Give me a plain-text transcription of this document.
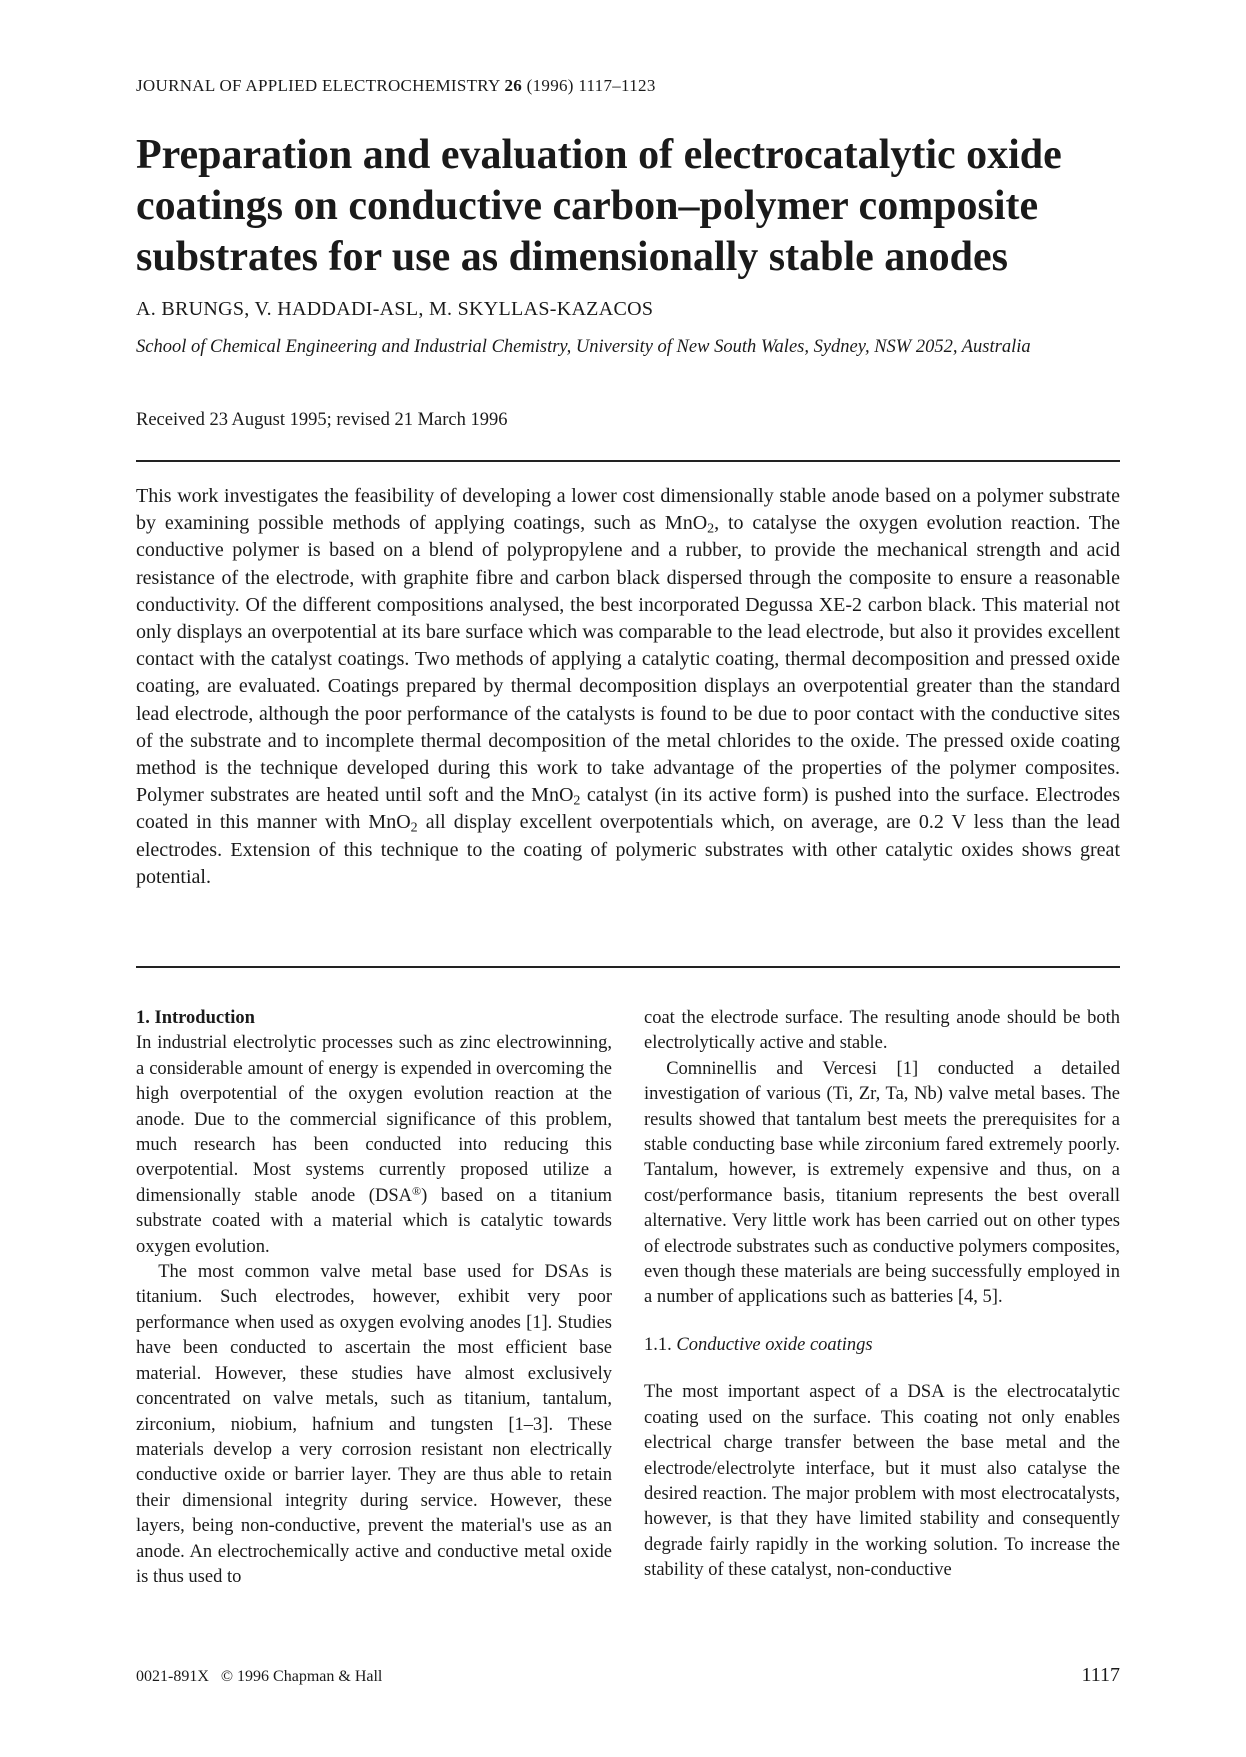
JOURNAL OF APPLIED ELECTROCHEMISTRY 26 (1996) 1117–1123
Preparation and evaluation of electrocatalytic oxide coatings on conductive carbon–polymer composite substrates for use as dimensionally stable anodes
A. BRUNGS, V. HADDADI-ASL, M. SKYLLAS-KAZACOS
School of Chemical Engineering and Industrial Chemistry, University of New South Wales, Sydney, NSW 2052, Australia
Received 23 August 1995; revised 21 March 1996

This work investigates the feasibility of developing a lower cost dimensionally stable anode based on a polymer substrate by examining possible methods of applying coatings, such as MnO$_2$, to catalyse the oxygen evolution reaction. The conductive polymer is based on a blend of polypropylene and a rubber, to provide the mechanical strength and acid resistance of the electrode, with graphite fibre and carbon black dispersed through the composite to ensure a reasonable conductivity. Of the different compositions analysed, the best incorporated Degussa XE-2 carbon black. This material not only displays an overpotential at its bare surface which was comparable to the lead electrode, but also it provides excellent contact with the catalyst coatings. Two methods of applying a catalytic coating, thermal decomposition and pressed oxide coating, are evaluated. Coatings prepared by thermal decomposition displays an overpotential greater than the standard lead electrode, although the poor performance of the catalysts is found to be due to poor contact with the conductive sites of the substrate and to incomplete thermal decomposition of the metal chlorides to the oxide. The pressed oxide coating method is the technique developed during this work to take advantage of the properties of the polymer composites. Polymer substrates are heated until soft and the MnO$_2$ catalyst (in its active form) is pushed into the surface. Electrodes coated in this manner with MnO$_2$ all display excellent overpotentials which, on average, are 0.2 V less than the lead electrodes. Extension of this technique to the coating of polymeric substrates with other catalytic oxides shows great potential.

1. Introduction

In industrial electrolytic processes such as zinc electrowinning, a considerable amount of energy is expended in overcoming the high overpotential of the oxygen evolution reaction at the anode. Due to the commercial significance of this problem, much research has been conducted into reducing this overpotential. Most systems currently proposed utilize a dimensionally stable anode (DSA®) based on a titanium substrate coated with a material which is catalytic towards oxygen evolution.

The most common valve metal base used for DSAs is titanium. Such electrodes, however, exhibit very poor performance when used as oxygen evolving anodes [1]. Studies have been conducted to ascertain the most efficient base material. However, these studies have almost exclusively concentrated on valve metals, such as titanium, tantalum, zirconium, niobium, hafnium and tungsten [1–3]. These materials develop a very corrosion resistant non electrically conductive oxide or barrier layer. They are thus able to retain their dimensional integrity during service. However, these layers, being non-conductive, prevent the material's use as an anode. An electrochemically active and conductive metal oxide is thus used to

coat the electrode surface. The resulting anode should be both electrolytically active and stable.

Comninellis and Vercesi [1] conducted a detailed investigation of various (Ti, Zr, Ta, Nb) valve metal bases. The results showed that tantalum best meets the prerequisites for a stable conducting base while zirconium fared extremely poorly. Tantalum, however, is extremely expensive and thus, on a cost/performance basis, titanium represents the best overall alternative. Very little work has been carried out on other types of electrode substrates such as conductive polymers composites, even though these materials are being successfully employed in a number of applications such as batteries [4, 5].

1.1. Conductive oxide coatings

The most important aspect of a DSA is the electrocatalytic coating used on the surface. This coating not only enables electrical charge transfer between the base metal and the electrode/electrolyte interface, but it must also catalyse the desired reaction. The major problem with most electrocatalysts, however, is that they have limited stability and consequently degrade fairly rapidly in the working solution. To increase the stability of these catalyst, non-conductive

0021-891X © 1996 Chapman & Hall	1117
